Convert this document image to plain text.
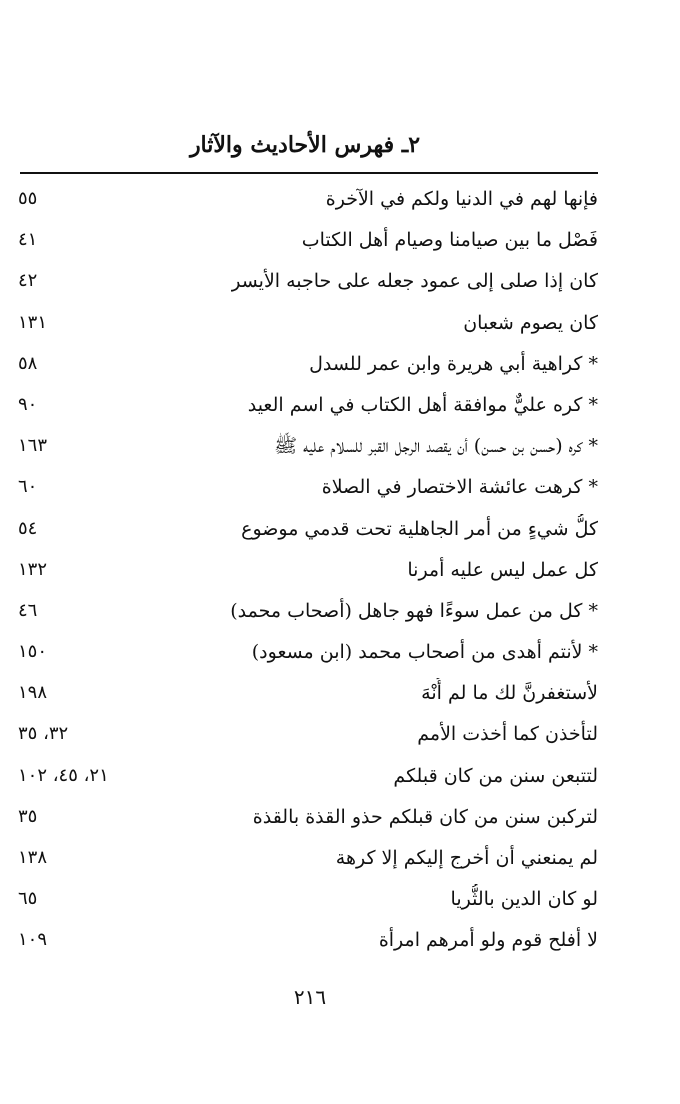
٢ـ فهرس الأحاديث والآثار
فإنها لهم في الدنيا ولكم في الآخرة
٥٥
فَصْل ما بين صيامنا وصيام أهل الكتاب
٤١
كان إذا صلى إلى عمود جعله على حاجبه الأيسر
٤٢
كان يصوم شعبان
١٣١
* كراهية أبي هريرة وابن عمر للسدل
٥٨
* كره عليٌّ موافقة أهل الكتاب في اسم العيد
٩٠
* كره (حسن بن حسن) أن يقصد الرجل القبر للسلام عليه ﷺ
١٦٣
* كرهت عائشة الاختصار في الصلاة
٦٠
كلُّ شيءٍ من أمر الجاهلية تحت قدمي موضوع
٥٤
كل عمل ليس عليه أمرنا
١٣٢
* كل من عمل سوءًا فهو جاهل (أصحاب محمد)
٤٦
* لأنتم أهدى من أصحاب محمد (ابن مسعود)
١٥٠
لأستغفرنَّ لك ما لم أُنْهَ
١٩٨
لتأخذن كما أخذت الأمم
٣٢، ٣٥
لتتبعن سنن من كان قبلكم
٢١، ٤٥، ١٠٢
لتركبن سنن من كان قبلكم حذو القذة بالقذة
٣٥
لم يمنعني أن أخرج إليكم إلا كرهة
١٣٨
لو كان الدين بالثُّريا
٦٥
لا أفلح قوم ولو أمرهم امرأة
١٠٩
٢١٦
